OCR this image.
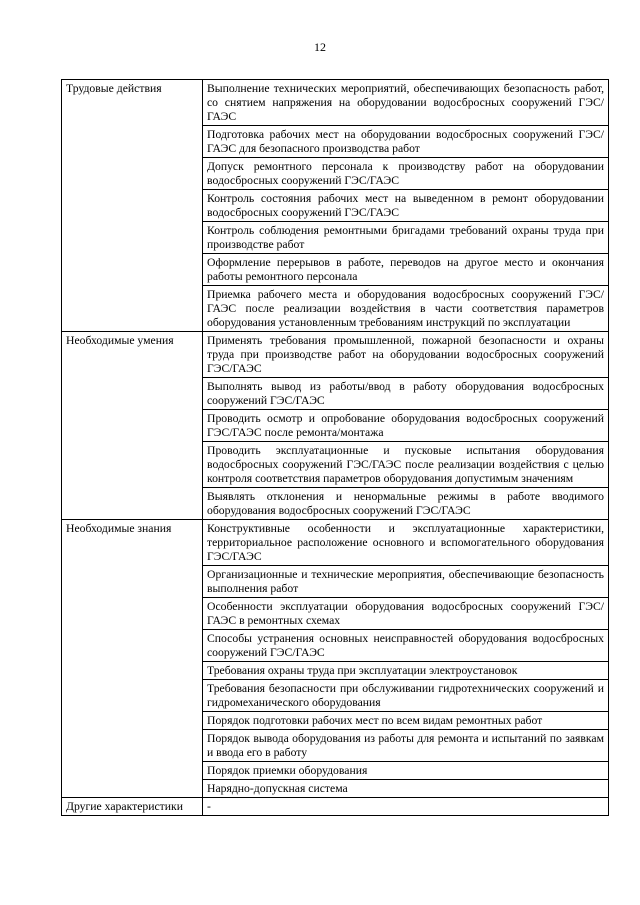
12
Трудовые действия	Выполнение технических мероприятий, обеспечивающих безопасность работ, со снятием напряжения на оборудовании водосбросных сооружений ГЭС/ГАЭС
	Подготовка рабочих мест на оборудовании водосбросных сооружений ГЭС/ГАЭС для безопасного производства работ
	Допуск ремонтного персонала к производству работ на оборудовании водосбросных сооружений ГЭС/ГАЭС
	Контроль состояния рабочих мест на выведенном в ремонт оборудовании водосбросных сооружений ГЭС/ГАЭС
	Контроль соблюдения ремонтными бригадами требований охраны труда при производстве работ
	Оформление перерывов в работе, переводов на другое место и окончания работы ремонтного персонала
	Приемка рабочего места и оборудования водосбросных сооружений ГЭС/ГАЭС после реализации воздействия в части соответствия параметров оборудования установленным требованиям инструкций по эксплуатации
Необходимые умения	Применять требования промышленной, пожарной безопасности и охраны труда при производстве работ на оборудовании водосбросных сооружений ГЭС/ГАЭС
	Выполнять вывод из работы/ввод в работу оборудования водосбросных сооружений ГЭС/ГАЭС
	Проводить осмотр и опробование оборудования водосбросных сооружений ГЭС/ГАЭС после ремонта/монтажа
	Проводить эксплуатационные и пусковые испытания оборудования водосбросных сооружений ГЭС/ГАЭС после реализации воздействия с целью контроля соответствия параметров оборудования допустимым значениям
	Выявлять отклонения и ненормальные режимы в работе вводимого оборудования водосбросных сооружений ГЭС/ГАЭС
Необходимые знания	Конструктивные особенности и эксплуатационные характеристики, территориальное расположение основного и вспомогательного оборудования ГЭС/ГАЭС
	Организационные и технические мероприятия, обеспечивающие безопасность выполнения работ
	Особенности эксплуатации оборудования водосбросных сооружений ГЭС/ГАЭС в ремонтных схемах
	Способы устранения основных неисправностей оборудования водосбросных сооружений ГЭС/ГАЭС
	Требования охраны труда при эксплуатации электроустановок
	Требования безопасности при обслуживании гидротехнических сооружений и гидромеханического оборудования
	Порядок подготовки рабочих мест по всем видам ремонтных работ
	Порядок вывода оборудования из работы для ремонта и испытаний по заявкам и ввода его в работу
	Порядок приемки оборудования
	Нарядно-допускная система
Другие характеристики	-
